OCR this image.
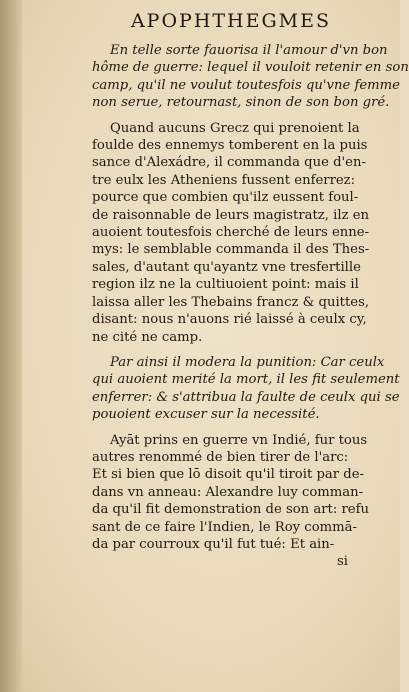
APOPHTHEGMES

En telle sorte fauorisa il l'amour d'vn bon
hôme de guerre: lequel il vouloit retenir en son
camp, qu'il ne voulut toutesfois qu'vne femme
non serue, retournast, sinon de son bon gré.

Quand aucuns Grecz qui prenoient la
foulde des ennemys tomberent en la puis
sance d'Alexádre, il commanda que d'en-
tre eulx les Atheniens fussent enferrez:
pource que combien qu'ilz eussent foul-
de raisonnable de leurs magistratz, ilz en
auoient toutesfois cherché de leurs enne-
mys: le semblable commanda il des Thes-
sales, d'autant qu'ayantz vne tresfertille
region ilz ne la cultiuoient point: mais il
laissa aller les Thebains francz & quittes,
disant: nous n'auons rié laissé à ceulx cy,
ne cité ne camp.

Par ainsi il modera la punition: Car ceulx
qui auoient merité la mort, il les fit seulement
enferrer: & s'attribua la faulte de ceulx qui se
pouoient excuser sur la necessité.

Ayāt prins en guerre vn Indié, fur tous
autres renommé de bien tirer de l'arc:
Et si bien que lō disoit qu'il tiroit par de-
dans vn anneau: Alexandre luy comman-
da qu'il fit demonstration de son art: refu
sant de ce faire l'Indien, le Roy commā-
da par courroux qu'il fut tué: Et ain-
si
